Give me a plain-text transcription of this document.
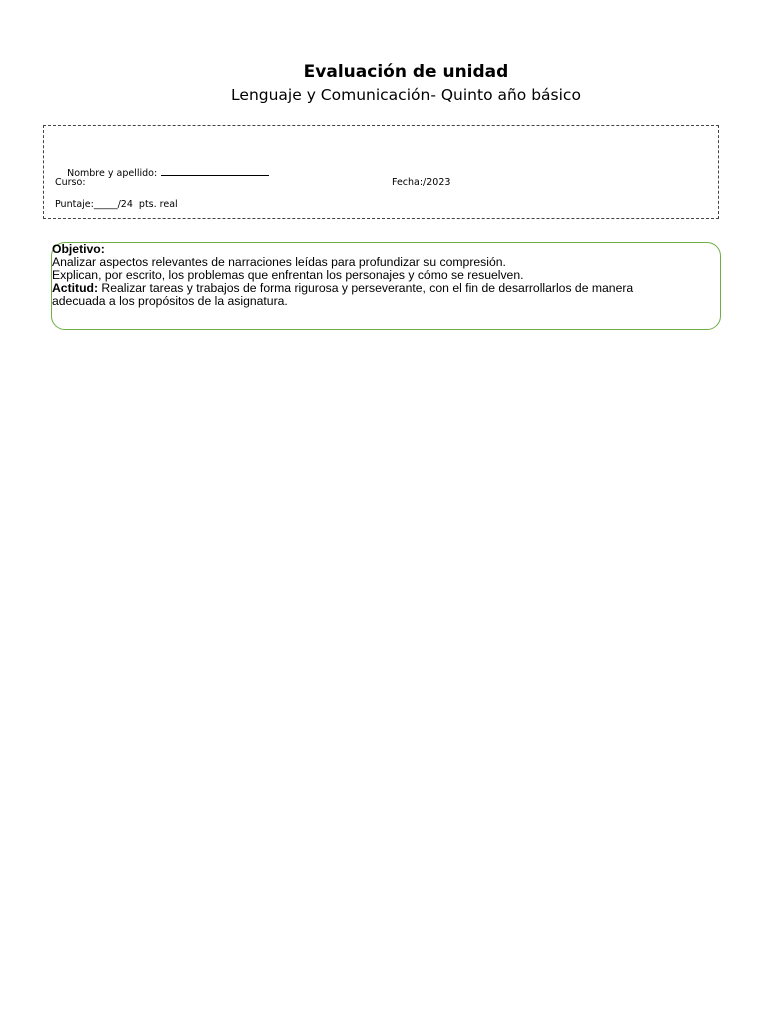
Evaluación de unidad
Lenguaje y Comunicación- Quinto año básico

Nombre y apellido:

Curso:	Fecha:/2023
Puntaje:_____/24  pts. real
Objetivo:
Analizar aspectos relevantes de narraciones leídas para profundizar su compresión.
Explican, por escrito, los problemas que enfrentan los personajes y cómo se resuelven.
Actitud: Realizar tareas y trabajos de forma rigurosa y perseverante, con el fin de desarrollarlos de manera
adecuada a los propósitos de la asignatura.
